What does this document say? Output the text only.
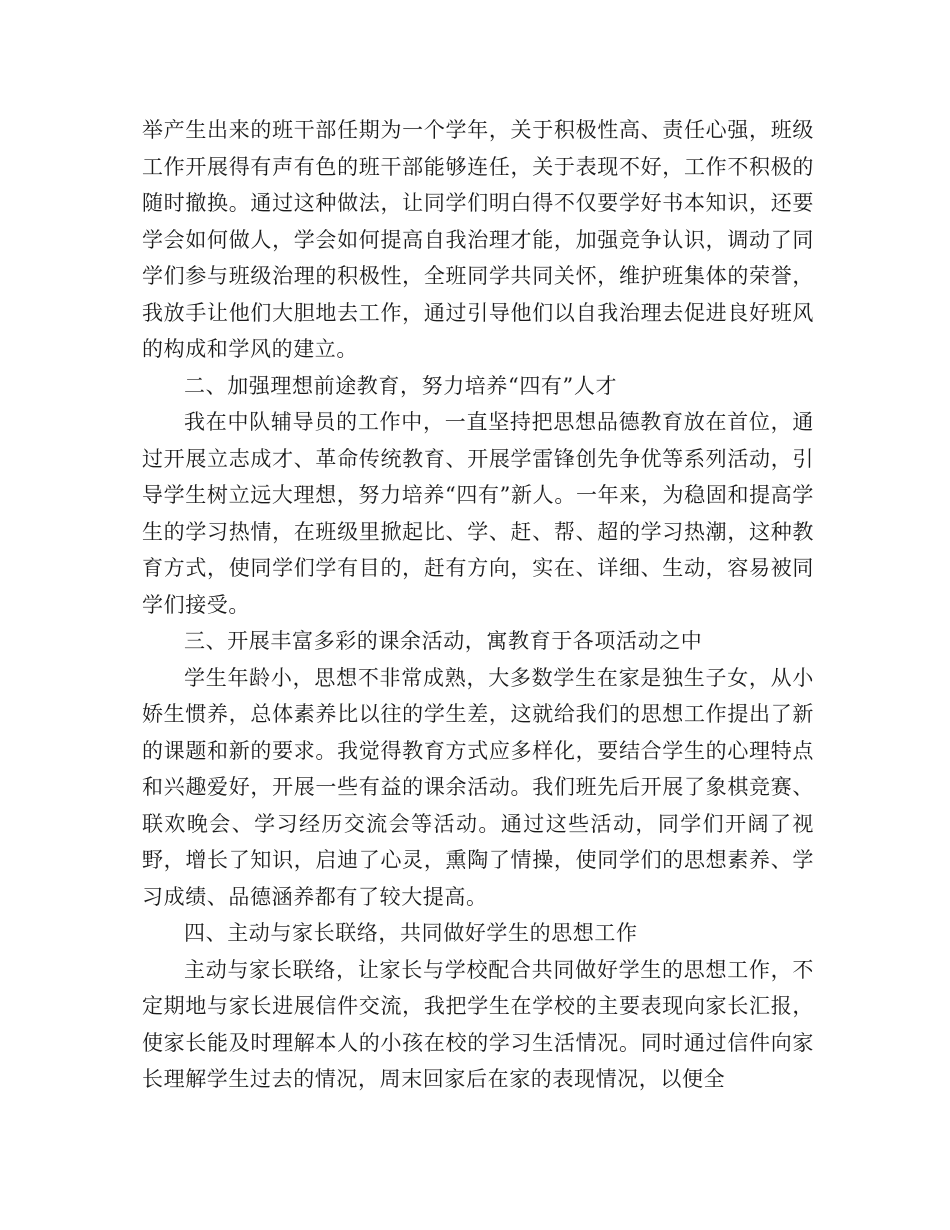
举产生出来的班干部任期为一个学年，关于积极性高、责任心强，班级工作开展得有声有色的班干部能够连任，关于表现不好，工作不积极的随时撤换。通过这种做法，让同学们明白得不仅要学好书本知识，还要学会如何做人，学会如何提高自我治理才能，加强竞争认识，调动了同学们参与班级治理的积极性，全班同学共同关怀，维护班集体的荣誉，我放手让他们大胆地去工作，通过引导他们以自我治理去促进良好班风的构成和学风的建立。

二、加强理想前途教育，努力培养“四有”人才

我在中队辅导员的工作中，一直坚持把思想品德教育放在首位，通过开展立志成才、革命传统教育、开展学雷锋创先争优等系列活动，引导学生树立远大理想，努力培养“四有”新人。一年来，为稳固和提高学生的学习热情，在班级里掀起比、学、赶、帮、超的学习热潮，这种教育方式，使同学们学有目的，赶有方向，实在、详细、生动，容易被同学们接受。

三、开展丰富多彩的课余活动，寓教育于各项活动之中

学生年龄小，思想不非常成熟，大多数学生在家是独生子女，从小娇生惯养，总体素养比以往的学生差，这就给我们的思想工作提出了新的课题和新的要求。我觉得教育方式应多样化，要结合学生的心理特点和兴趣爱好，开展一些有益的课余活动。我们班先后开展了象棋竞赛、联欢晚会、学习经历交流会等活动。通过这些活动，同学们开阔了视野，增长了知识，启迪了心灵，熏陶了情操，使同学们的思想素养、学习成绩、品德涵养都有了较大提高。

四、主动与家长联络，共同做好学生的思想工作

主动与家长联络，让家长与学校配合共同做好学生的思想工作，不定期地与家长进展信件交流，我把学生在学校的主要表现向家长汇报，使家长能及时理解本人的小孩在校的学习生活情况。同时通过信件向家长理解学生过去的情况，周末回家后在家的表现情况，以便全
